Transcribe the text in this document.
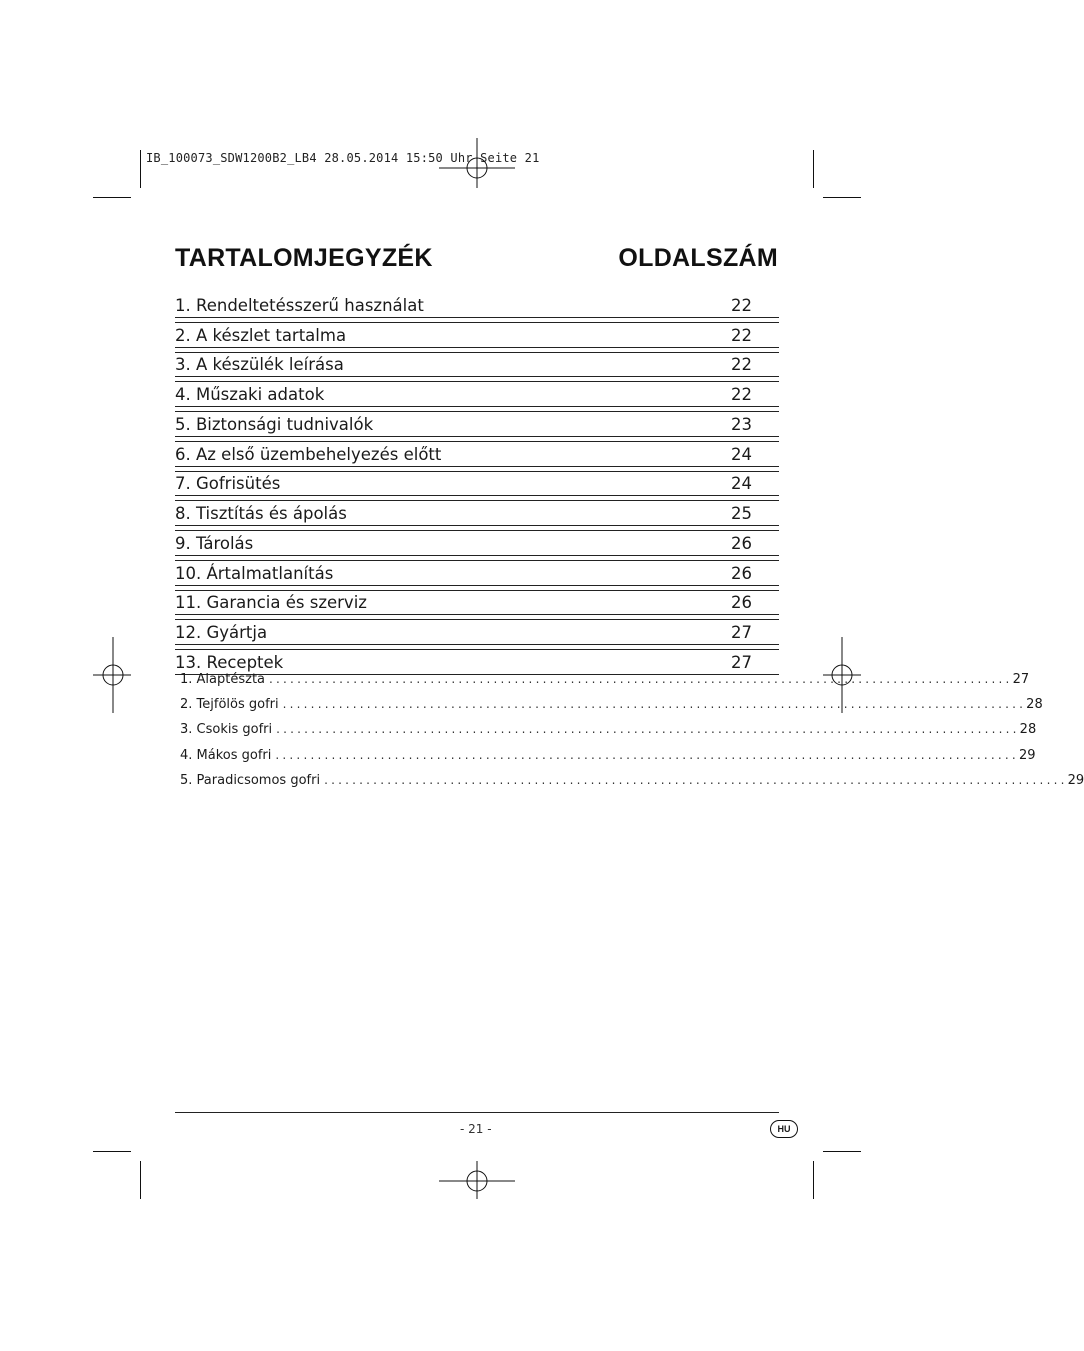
IB_100073_SDW1200B2_LB4 28.05.2014 15:50 Uhr Seite 21
TARTALOMJEGYZÉK	OLDALSZÁM
1. Rendeltetésszerű használat	22
2. A készlet tartalma	22
3. A készülék leírása	22
4. Műszaki adatok	22
5. Biztonsági tudnivalók	23
6. Az első üzembehelyezés előtt	24
7. Gofrisütés	24
8. Tisztítás és ápolás	25
9. Tárolás	26
10. Ártalmatlanítás	26
11. Garancia és szerviz	26
12. Gyártja	27
13. Receptek	27
1. Alaptészta .......................................................................................................... 27
2. Tejfölös gofri .......................................................................................................... 28
3. Csokis gofri .......................................................................................................... 28
4. Mákos gofri .......................................................................................................... 29
5. Paradicsomos gofri .......................................................................................................... 29
- 21 -	HU
